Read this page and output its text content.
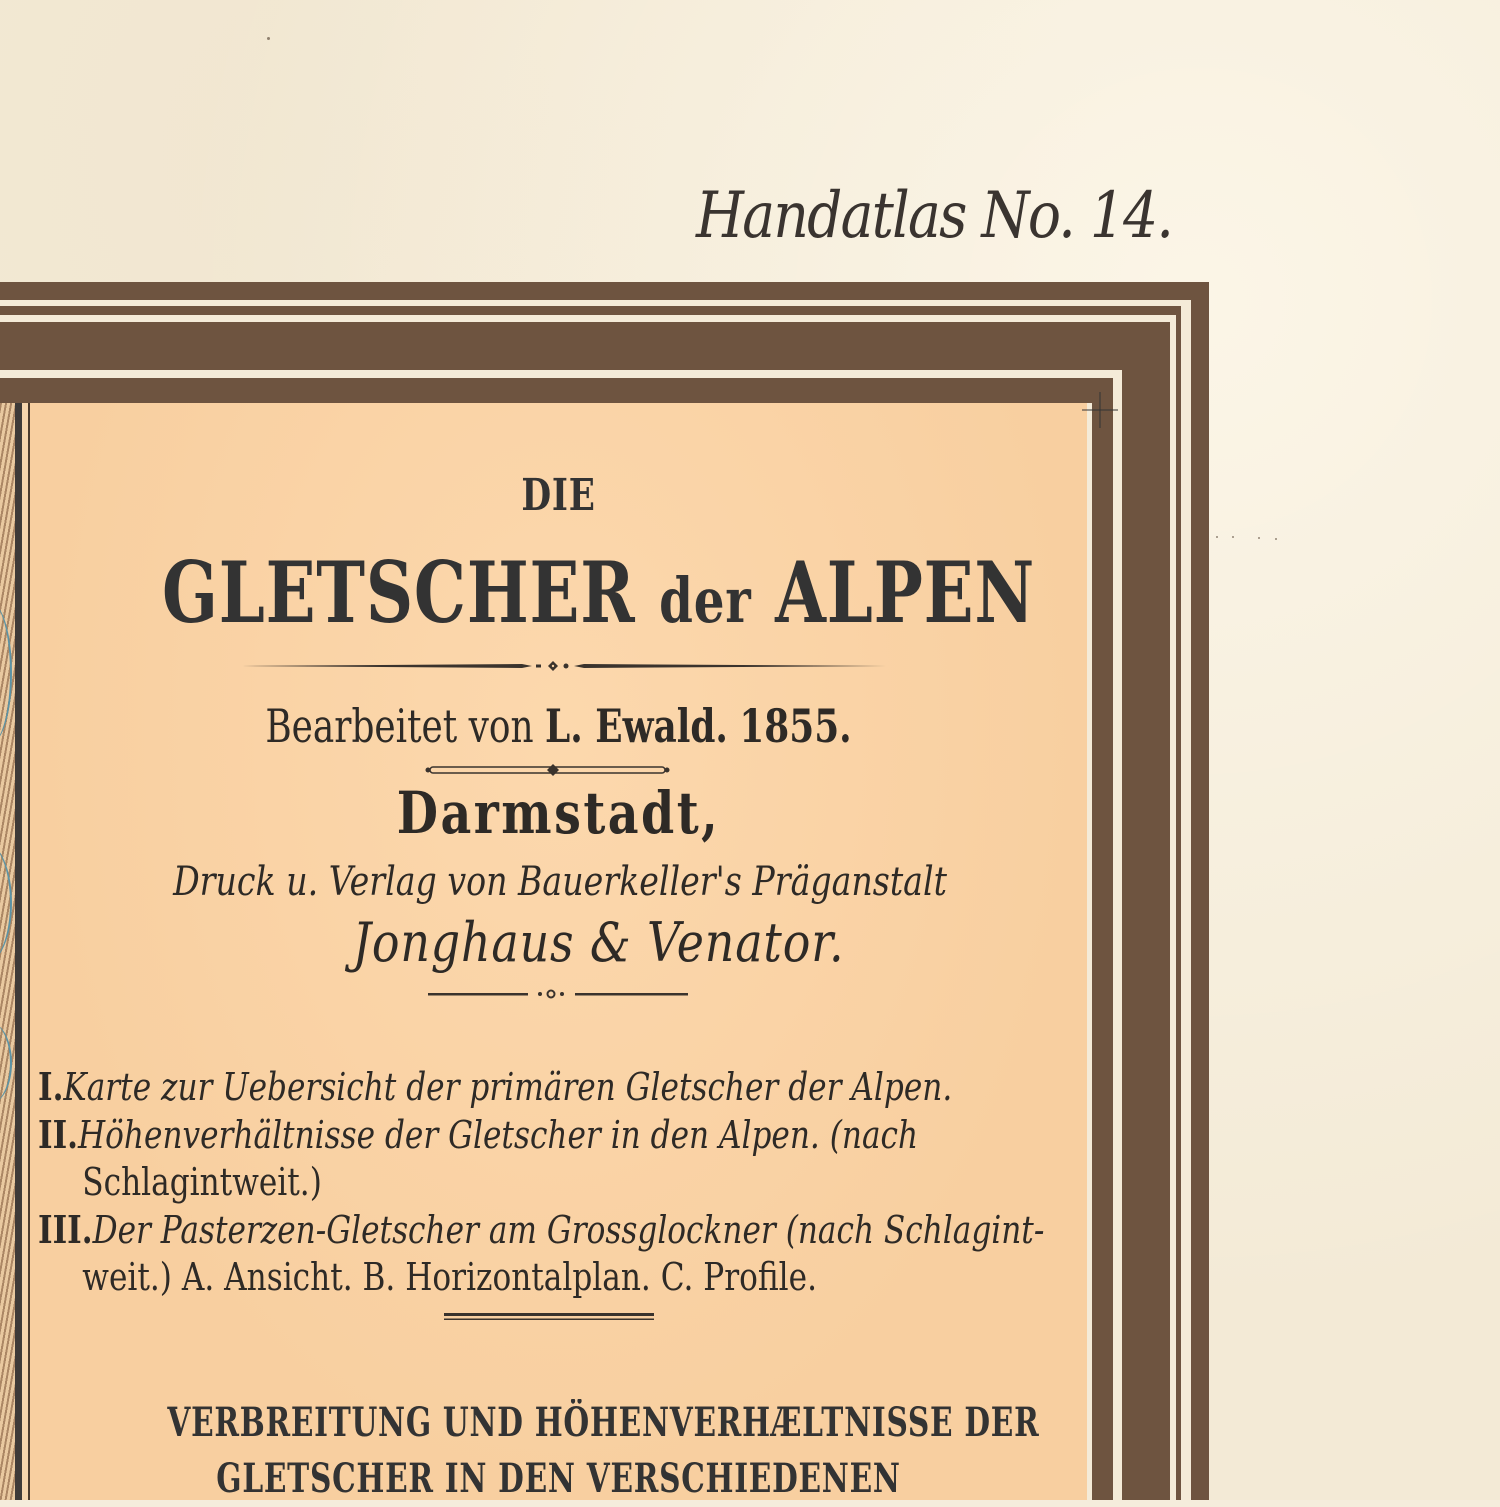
Handatlas No. 14.
DIE
GLETSCHER der ALPEN
Bearbeitet von L. Ewald. 1855.
Darmstadt,
Druck u. Verlag von Bauerkeller's Präganstalt
Jonghaus & Venator.
I.Karte zur Uebersicht der primären Gletscher der Alpen.
II.Höhenverhältnisse der Gletscher in den Alpen. (nach
Schlagintweit.)
III.Der Pasterzen-Gletscher am Grossglockner (nach Schlagint-
weit.) A. Ansicht. B. Horizontalplan. C. Profile.
VERBREITUNG UND HÖHENVERHÆLTNISSE DER
GLETSCHER IN DEN VERSCHIEDENEN
